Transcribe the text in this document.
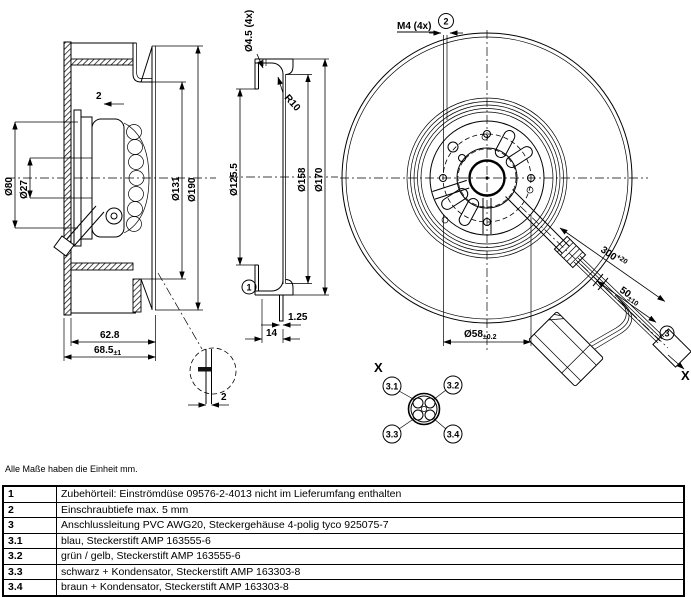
2
Ø80 Ø27	Ø131 Ø190
62.8
$68.5_{\pm 1}$
2
Ø4.5 (4x)
R10
Ø125.5	Ø158 Ø170
1
1.25
14
M4 (4x) 2
$Ø58_{\pm 0.2}$	3
X
$300^{+20}$
$50_{\pm 10}$
X
3.1	3.2
3.3	3.4
Alle Maße haben die Einheit mm.
1	Zubehörteil: Einströmdüse 09576-2-4013 nicht im Lieferumfang enthalten
2	Einschraubtiefe max. 5 mm
3	Anschlussleitung PVC AWG20, Steckergehäuse 4-polig tyco 925075-7
3.1	blau, Steckerstift AMP 163555-6
3.2	grün / gelb, Steckerstift AMP 163555-6
3.3	schwarz + Kondensator, Steckerstift AMP 163303-8
3.4	braun + Kondensator, Steckerstift AMP 163303-8
